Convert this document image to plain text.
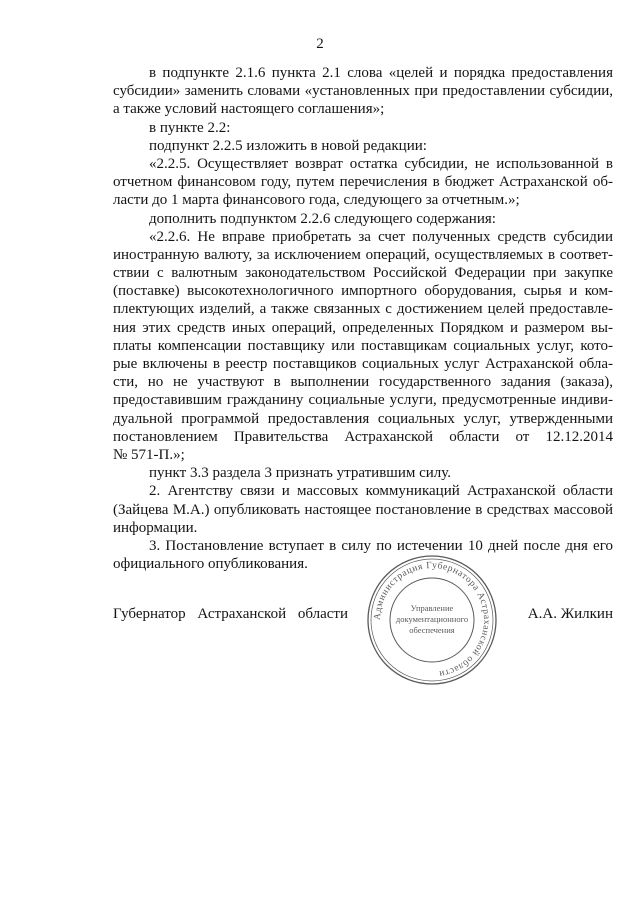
2
в подпункте 2.1.6 пункта 2.1 слова «целей и порядка предоставления
субсидии» заменить словами «установленных при предоставлении субсидии,
а также условий настоящего соглашения»;
в пункте 2.2:
подпункт 2.2.5 изложить в новой редакции:
«2.2.5. Осуществляет возврат остатка субсидии, не использованной в
отчетном финансовом году, путем перечисления в бюджет Астраханской об-
ласти до 1 марта финансового года, следующего за отчетным.»;
дополнить подпунктом 2.2.6 следующего содержания:
«2.2.6. Не вправе приобретать за счет полученных средств субсидии
иностранную валюту, за исключением операций, осуществляемых в соответ-
ствии с валютным законодательством Российской Федерации при закупке
(поставке) высокотехнологичного импортного оборудования, сырья и ком-
плектующих изделий, а также связанных с достижением целей предоставле-
ния этих средств иных операций, определенных Порядком и размером вы-
платы компенсации поставщику или поставщикам социальных услуг, кото-
рые включены в реестр поставщиков социальных услуг Астраханской обла-
сти, но не участвуют в выполнении государственного задания (заказа),
предоставившим гражданину социальные услуги, предусмотренные индиви-
дуальной программой предоставления социальных услуг, утвержденными
постановлением Правительства Астраханской области от 12.12.2014
№ 571-П.»;
пункт 3.3 раздела 3 признать утратившим силу.
2. Агентству связи и массовых коммуникаций Астраханской области
(Зайцева М.А.) опубликовать настоящее постановление в средствах массовой
информации.
3. Постановление вступает в силу по истечении 10 дней после дня его
официального опубликования.
Губернатор Астраханской области	А.А. Жилкин
Администрация Губернатора Астраханской области
Управление
документационного
обеспечения
